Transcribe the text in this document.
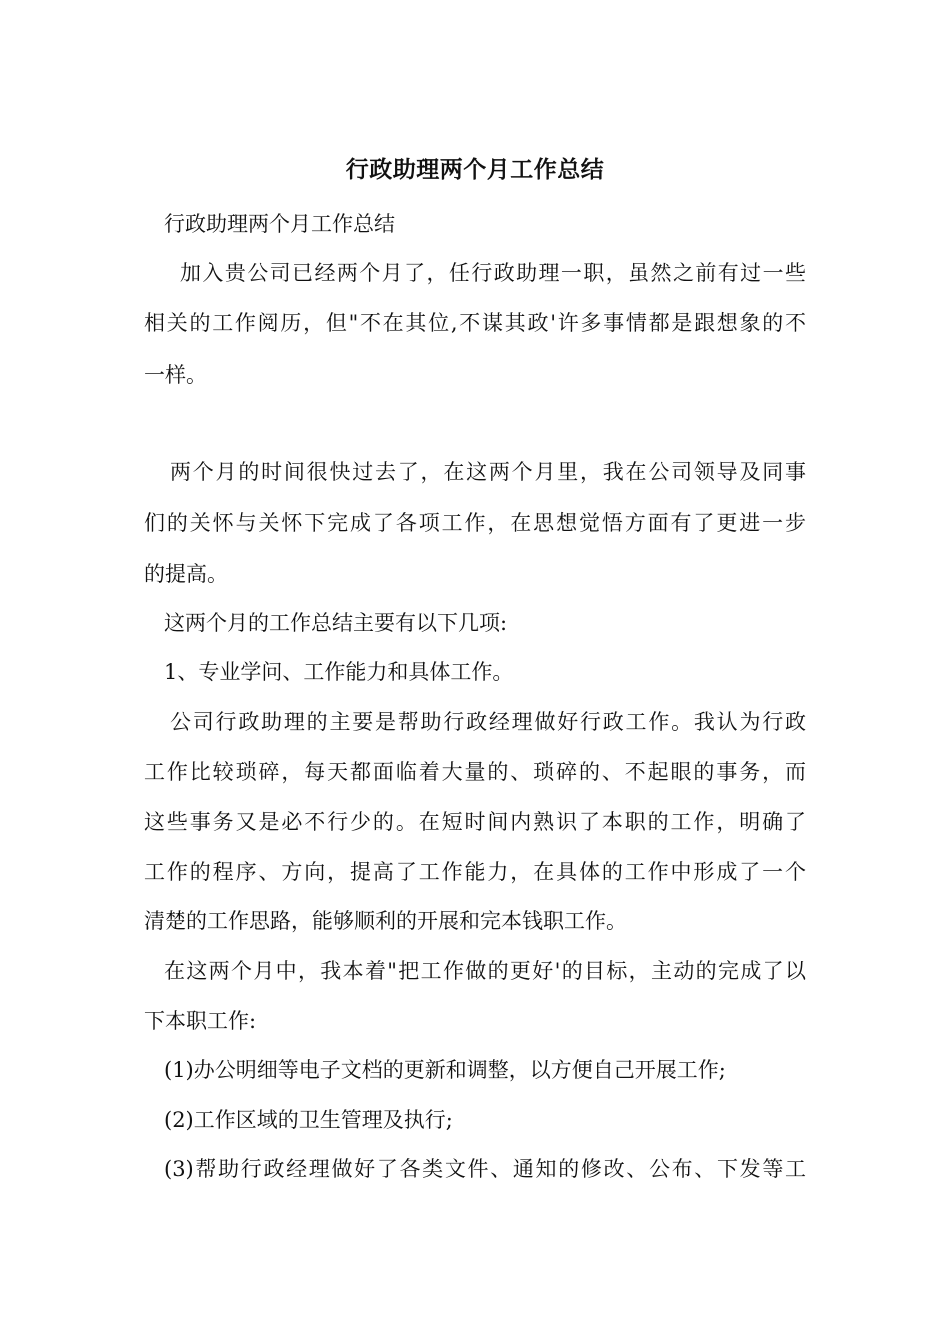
行政助理两个月工作总结
行政助理两个月工作总结
加入贵公司已经两个月了，任行政助理一职，虽然之前有过一些
相关的工作阅历，但"不在其位,不谋其政'许多事情都是跟想象的不
一样。
两个月的时间很快过去了，在这两个月里，我在公司领导及同事
们的关怀与关怀下完成了各项工作，在思想觉悟方面有了更进一步
的提高。
这两个月的工作总结主要有以下几项:
1、专业学问、工作能力和具体工作。
公司行政助理的主要是帮助行政经理做好行政工作。我认为行政
工作比较琐碎，每天都面临着大量的、琐碎的、不起眼的事务，而
这些事务又是必不行少的。在短时间内熟识了本职的工作，明确了
工作的程序、方向，提高了工作能力，在具体的工作中形成了一个
清楚的工作思路，能够顺利的开展和完本钱职工作。
在这两个月中，我本着"把工作做的更好'的目标，主动的完成了以
下本职工作:
(1)办公明细等电子文档的更新和调整，以方便自己开展工作;
(2)工作区域的卫生管理及执行;
(3)帮助行政经理做好了各类文件、通知的修改、公布、下发等工
